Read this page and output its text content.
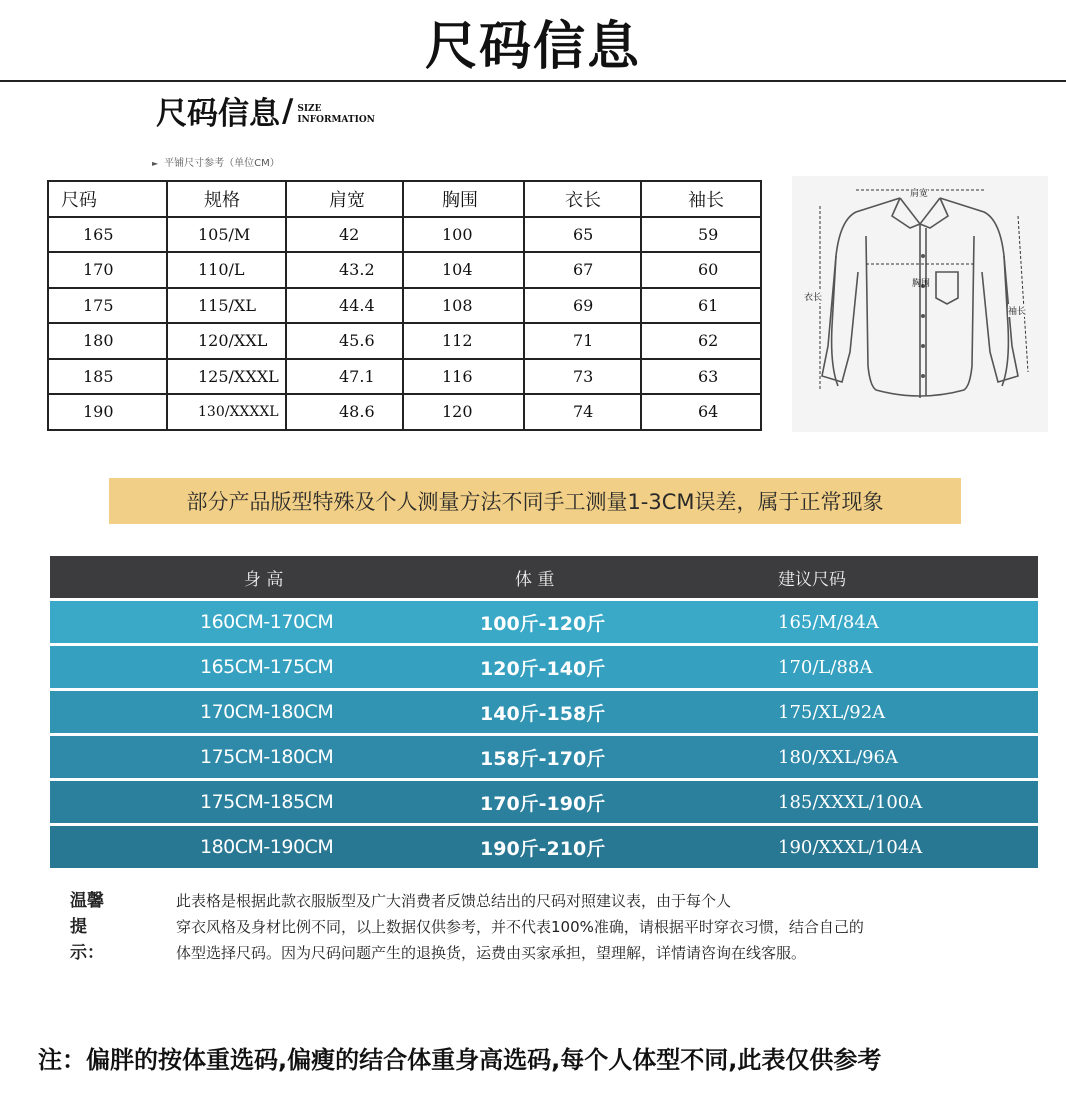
尺码信息
尺码信息 / SIZE
INFORMATION
► 平铺尺寸参考（单位CM）
尺码	规格	肩宽	胸围	衣长	袖长
165	105/M	42	100	65	59
170	110/L	43.2	104	67	60
175	115/XL	44.4	108	69	61
180	120/XXL	45.6	112	71	62
185	125/XXXL	47.1	116	73	63
190	130/XXXXL	48.6	120	74	64
肩宽
胸围
衣长
袖长
部分产品版型特殊及个人测量方法不同手工测量1-3CM误差，属于正常现象
身 高	体 重	建议尺码
160CM-170CM	100斤-120斤	165/M/84A
165CM-175CM	120斤-140斤	170/L/88A
170CM-180CM	140斤-158斤	175/XL/92A
175CM-180CM	158斤-170斤	180/XXL/96A
175CM-185CM	170斤-190斤	185/XXXL/100A
180CM-190CM	190斤-210斤	190/XXXL/104A
温馨提示：
此表格是根据此款衣服版型及广大消费者反馈总结出的尺码对照建议表，由于每个人
穿衣风格及身材比例不同，以上数据仅供参考，并不代表100%准确，请根据平时穿衣习惯，结合自己的
体型选择尺码。因为尺码问题产生的退换货，运费由买家承担，望理解，详情请咨询在线客服。
注：偏胖的按体重选码,偏瘦的结合体重身高选码,每个人体型不同,此表仅供参考
